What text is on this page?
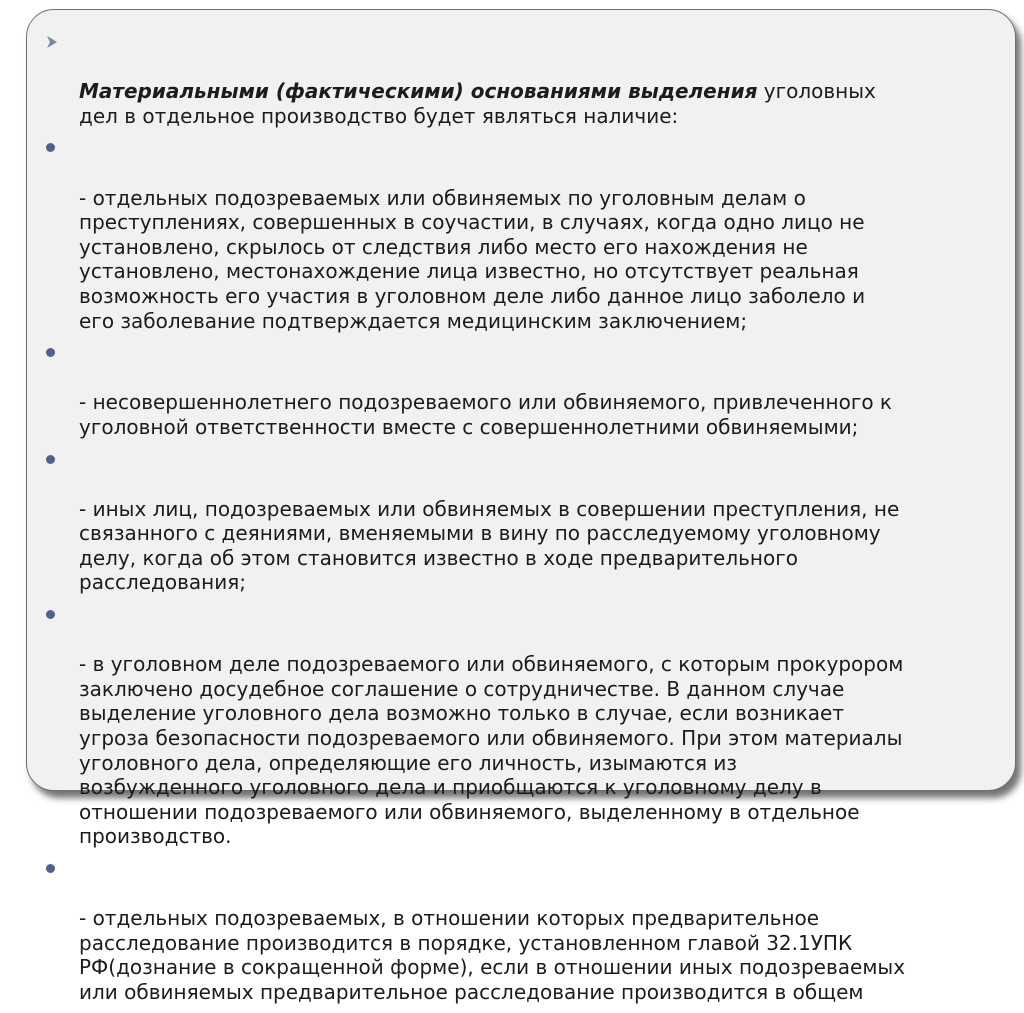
Материальными (фактическими) основаниями выделения уголовных
дел в отдельное производство будет являться наличие:

- отдельных подозреваемых или обвиняемых по уголовным делам о
преступлениях, совершенных в соучастии, в случаях, когда одно лицо не
установлено, скрылось от следствия либо место его нахождения не
установлено, местонахождение лица известно, но отсутствует реальная
возможность его участия в уголовном деле либо данное лицо заболело и
его заболевание подтверждается медицинским заключением;

- несовершеннолетнего подозреваемого или обвиняемого, привлеченного к
уголовной ответственности вместе с совершеннолетними обвиняемыми;

- иных лиц, подозреваемых или обвиняемых в совершении преступления, не
связанного с деяниями, вменяемыми в вину по расследуемому уголовному
делу, когда об этом становится известно в ходе предварительного
расследования;

- в уголовном деле подозреваемого или обвиняемого, с которым прокурором
заключено досудебное соглашение о сотрудничестве. В данном случае
выделение уголовного дела возможно только в случае, если возникает
угроза безопасности подозреваемого или обвиняемого. При этом материалы
уголовного дела, определяющие его личность, изымаются из
возбужденного уголовного дела и приобщаются к уголовному делу в
отношении подозреваемого или обвиняемого, выделенному в отдельное
производство.

- отдельных подозреваемых, в отношении которых предварительное
расследование производится в порядке, установленном главой 32.1УПК
РФ(дознание в сокращенной форме), если в отношении иных подозреваемых
или обвиняемых предварительное расследование производится в общем
